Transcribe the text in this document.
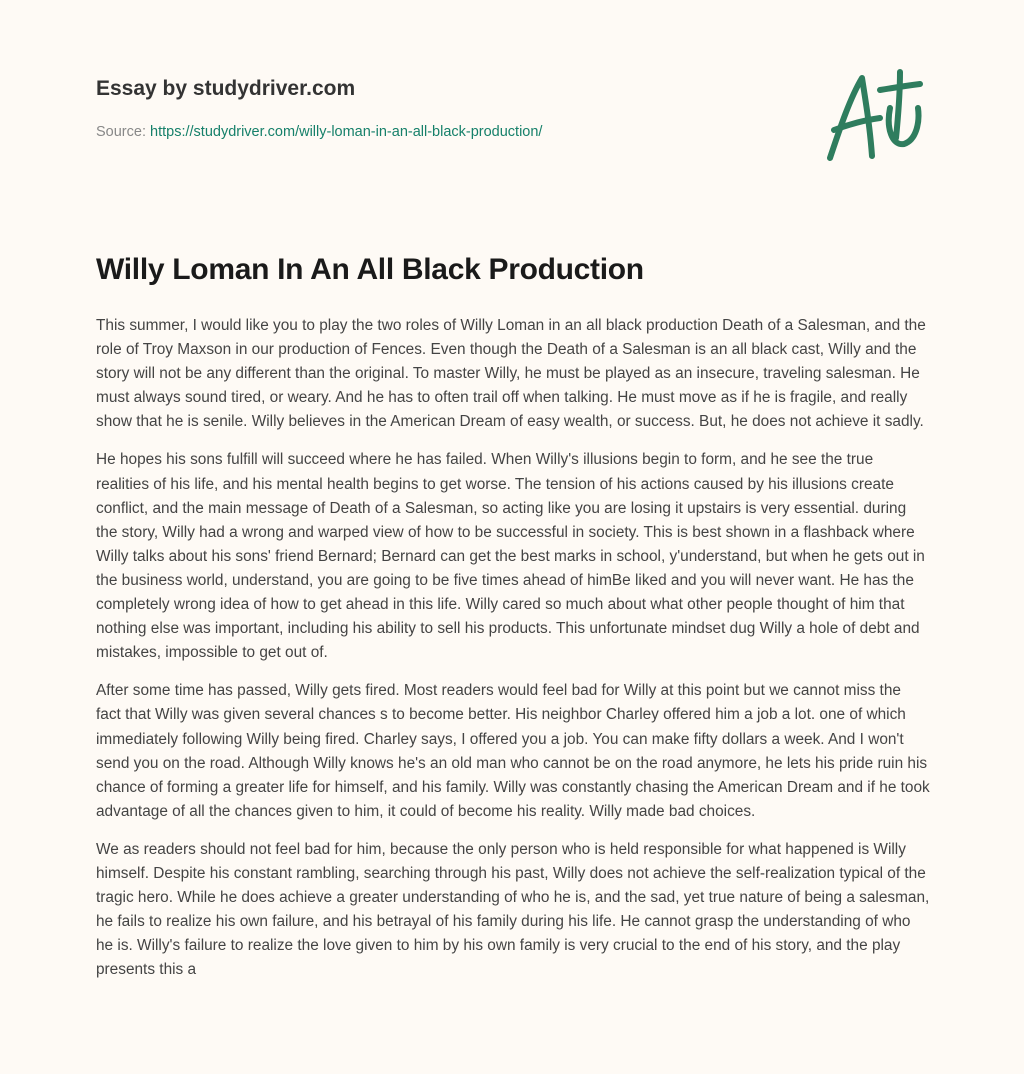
Essay by studydriver.com
Source: https://studydriver.com/willy-loman-in-an-all-black-production/
Willy Loman In An All Black Production

This summer, I would like you to play the two roles of Willy Loman in an all black production Death of a Salesman, and the role of Troy Maxson in our production of Fences. Even though the Death of a Salesman is an all black cast, Willy and the story will not be any different than the original. To master Willy, he must be played as an insecure, traveling salesman. He must always sound tired, or weary. And he has to often trail off when talking. He must move as if he is fragile, and really show that he is senile. Willy believes in the American Dream of easy wealth, or success. But, he does not achieve it sadly.

He hopes his sons fulfill will succeed where he has failed. When Willy's illusions begin to form, and he see the true realities of his life, and his mental health begins to get worse. The tension of his actions caused by his illusions create conflict, and the main message of Death of a Salesman, so acting like you are losing it upstairs is very essential. during the story, Willy had a wrong and warped view of how to be successful in society. This is best shown in a flashback where Willy talks about his sons' friend Bernard; Bernard can get the best marks in school, y'understand, but when he gets out in the business world, understand, you are going to be five times ahead of himBe liked and you will never want. He has the completely wrong idea of how to get ahead in this life. Willy cared so much about what other people thought of him that nothing else was important, including his ability to sell his products. This unfortunate mindset dug Willy a hole of debt and mistakes, impossible to get out of.

After some time has passed, Willy gets fired. Most readers would feel bad for Willy at this point but we cannot miss the fact that Willy was given several chances s to become better. His neighbor Charley offered him a job a lot. one of which immediately following Willy being fired. Charley says, I offered you a job. You can make fifty dollars a week. And I won't send you on the road. Although Willy knows he's an old man who cannot be on the road anymore, he lets his pride ruin his chance of forming a greater life for himself, and his family. Willy was constantly chasing the American Dream and if he took advantage of all the chances given to him, it could of become his reality. Willy made bad choices.

We as readers should not feel bad for him, because the only person who is held responsible for what happened is Willy himself. Despite his constant rambling, searching through his past, Willy does not achieve the self-realization typical of the tragic hero. While he does achieve a greater understanding of who he is, and the sad, yet true nature of being a salesman, he fails to realize his own failure, and his betrayal of his family during his life. He cannot grasp the understanding of who he is. Willy's failure to realize the love given to him by his own family is very crucial to the end of his story, and the play presents this a
